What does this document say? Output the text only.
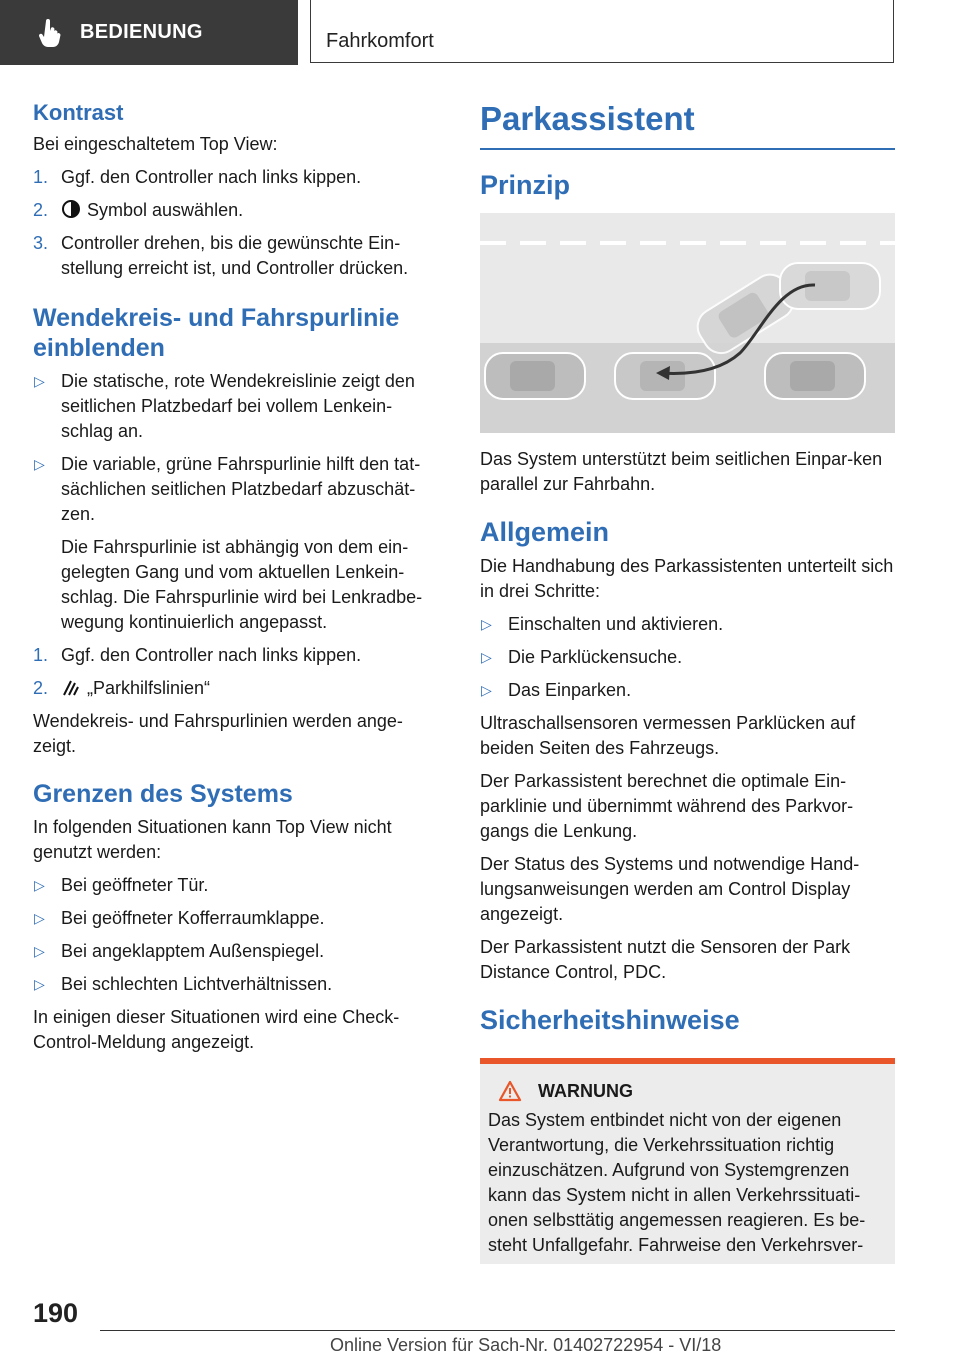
BEDIENUNG	Fahrkomfort
Kontrast

Bei eingeschaltetem Top View:

1. Ggf. den Controller nach links kippen.
2. Symbol auswählen.
3. Controller drehen, bis die gewünschte Ein-stellung erreicht ist, und Controller drücken.
Wendekreis- und Fahrspurlinie einblenden
▷ Die statische, rote Wendekreislinie zeigt den seitlichen Platzbedarf bei vollem Lenkein-schlag an.
▷ Die variable, grüne Fahrspurlinie hilft den tat-sächlichen seitlichen Platzbedarf abzuschät-zen.
Die Fahrspurlinie ist abhängig von dem ein-gelegten Gang und vom aktuellen Lenkein-schlag. Die Fahrspurlinie wird bei Lenkradbe-wegung kontinuierlich angepasst.
1. Ggf. den Controller nach links kippen.
2. „Parkhilfslinien“

Wendekreis- und Fahrspurlinien werden ange-zeigt.

Grenzen des Systems

In folgenden Situationen kann Top View nicht genutzt werden:

▷ Bei geöffneter Tür.
▷ Bei geöffneter Kofferraumklappe.
▷ Bei angeklapptem Außenspiegel.
▷ Bei schlechten Lichtverhältnissen.

In einigen dieser Situationen wird eine Check-Control-Meldung angezeigt.

Parkassistent
Prinzip

Das System unterstützt beim seitlichen Einpar-ken parallel zur Fahrbahn.

Allgemein

Die Handhabung des Parkassistenten unterteilt sich in drei Schritte:

▷ Einschalten und aktivieren.
▷ Die Parklückensuche.
▷ Das Einparken.

Ultraschallsensoren vermessen Parklücken auf beiden Seiten des Fahrzeugs.

Der Parkassistent berechnet die optimale Ein-parklinie und übernimmt während des Parkvor-gangs die Lenkung.

Der Status des Systems und notwendige Hand-lungsanweisungen werden am Control Display angezeigt.

Der Parkassistent nutzt die Sensoren der Park Distance Control, PDC.

Sicherheitshinweise
WARNUNG

Das System entbindet nicht von der eigenen Verantwortung, die Verkehrssituation richtig einzuschätzen. Aufgrund von Systemgrenzen kann das System nicht in allen Verkehrssituati-onen selbsttätig angemessen reagieren. Es be-steht Unfallgefahr. Fahrweise den Verkehrsver-

190
Online Version für Sach-Nr. 01402722954 - VI/18
